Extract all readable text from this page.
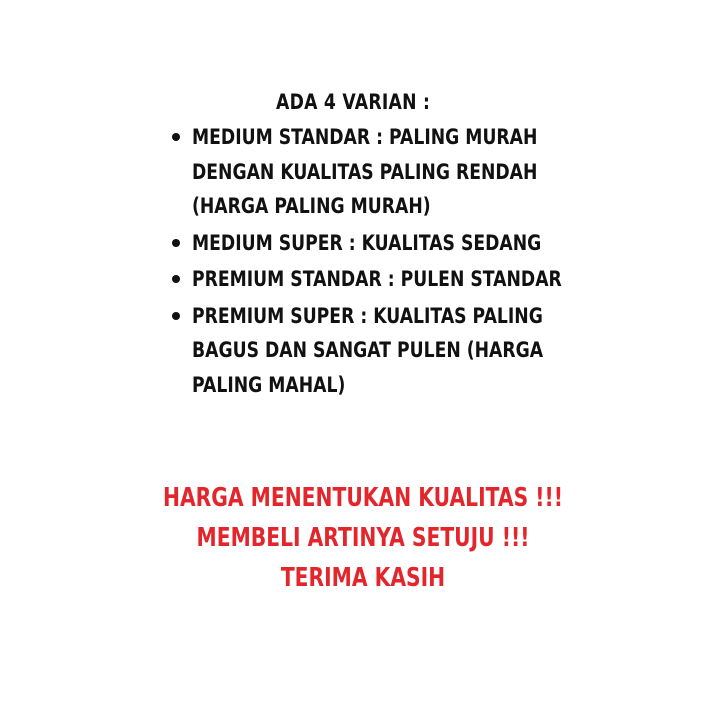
ADA 4 VARIAN :
MEDIUM STANDAR : PALING MURAH DENGAN KUALITAS PALING RENDAH (HARGA PALING MURAH)
MEDIUM SUPER : KUALITAS SEDANG
PREMIUM STANDAR : PULEN STANDAR
PREMIUM SUPER : KUALITAS PALING BAGUS DAN SANGAT PULEN (HARGA PALING MAHAL)
HARGA MENENTUKAN KUALITAS !!!
MEMBELI ARTINYA SETUJU !!!
TERIMA KASIH
